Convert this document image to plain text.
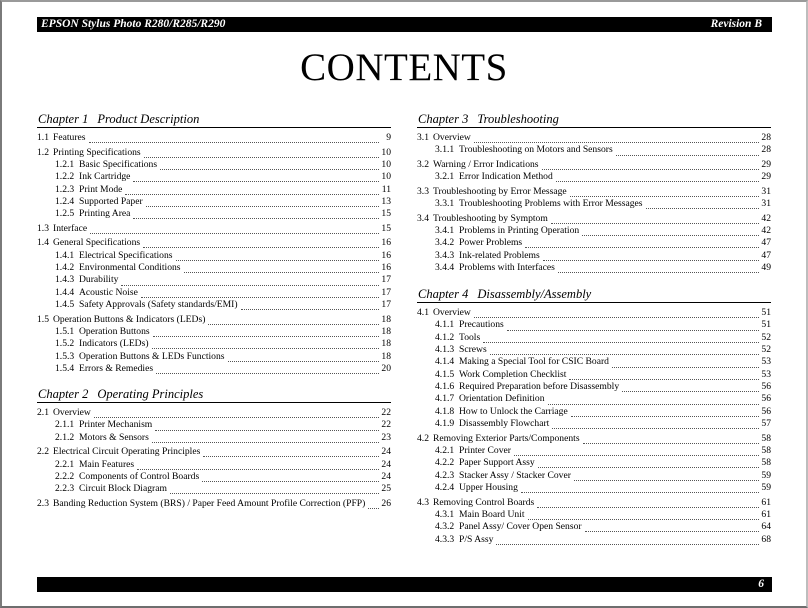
EPSON Stylus Photo R280/R285/R290	Revision B
CONTENTS
Chapter 1 Product Description
1.1 Features	9
1.2 Printing Specifications	10
1.2.1 Basic Specifications	10
1.2.2 Ink Cartridge	10
1.2.3 Print Mode	11
1.2.4 Supported Paper	13
1.2.5 Printing Area	15
1.3 Interface	15
1.4 General Specifications	16
1.4.1 Electrical Specifications	16
1.4.2 Environmental Conditions	16
1.4.3 Durability	17
1.4.4 Acoustic Noise	17
1.4.5 Safety Approvals (Safety standards/EMI)	17
1.5 Operation Buttons & Indicators (LEDs)	18
1.5.1 Operation Buttons	18
1.5.2 Indicators (LEDs)	18
1.5.3 Operation Buttons & LEDs Functions	18
1.5.4 Errors & Remedies	20
Chapter 2 Operating Principles
2.1 Overview	22
2.1.1 Printer Mechanism	22
2.1.2 Motors & Sensors	23
2.2 Electrical Circuit Operating Principles	24
2.2.1 Main Features	24
2.2.2 Components of Control Boards	24
2.2.3 Circuit Block Diagram	25
2.3 Banding Reduction System (BRS) / Paper Feed Amount Profile Correction (PFP) 26
Chapter 3 Troubleshooting
3.1 Overview	28
3.1.1 Troubleshooting on Motors and Sensors	28
3.2 Warning / Error Indications	29
3.2.1 Error Indication Method	29
3.3 Troubleshooting by Error Message	31
3.3.1 Troubleshooting Problems with Error Messages	31
3.4 Troubleshooting by Symptom	42
3.4.1 Problems in Printing Operation	42
3.4.2 Power Problems	47
3.4.3 Ink-related Problems	47
3.4.4 Problems with Interfaces	49
Chapter 4 Disassembly/Assembly
4.1 Overview	51
4.1.1 Precautions	51
4.1.2 Tools	52
4.1.3 Screws	52
4.1.4 Making a Special Tool for CSIC Board	53
4.1.5 Work Completion Checklist	53
4.1.6 Required Preparation before Disassembly	56
4.1.7 Orientation Definition	56
4.1.8 How to Unlock the Carriage	56
4.1.9 Disassembly Flowchart	57
4.2 Removing Exterior Parts/Components	58
4.2.1 Printer Cover	58
4.2.2 Paper Support Assy	58
4.2.3 Stacker Assy / Stacker Cover	59
4.2.4 Upper Housing	59
4.3 Removing Control Boards	61
4.3.1 Main Board Unit	61
4.3.2 Panel Assy/ Cover Open Sensor	64
4.3.3 P/S Assy	68
6
